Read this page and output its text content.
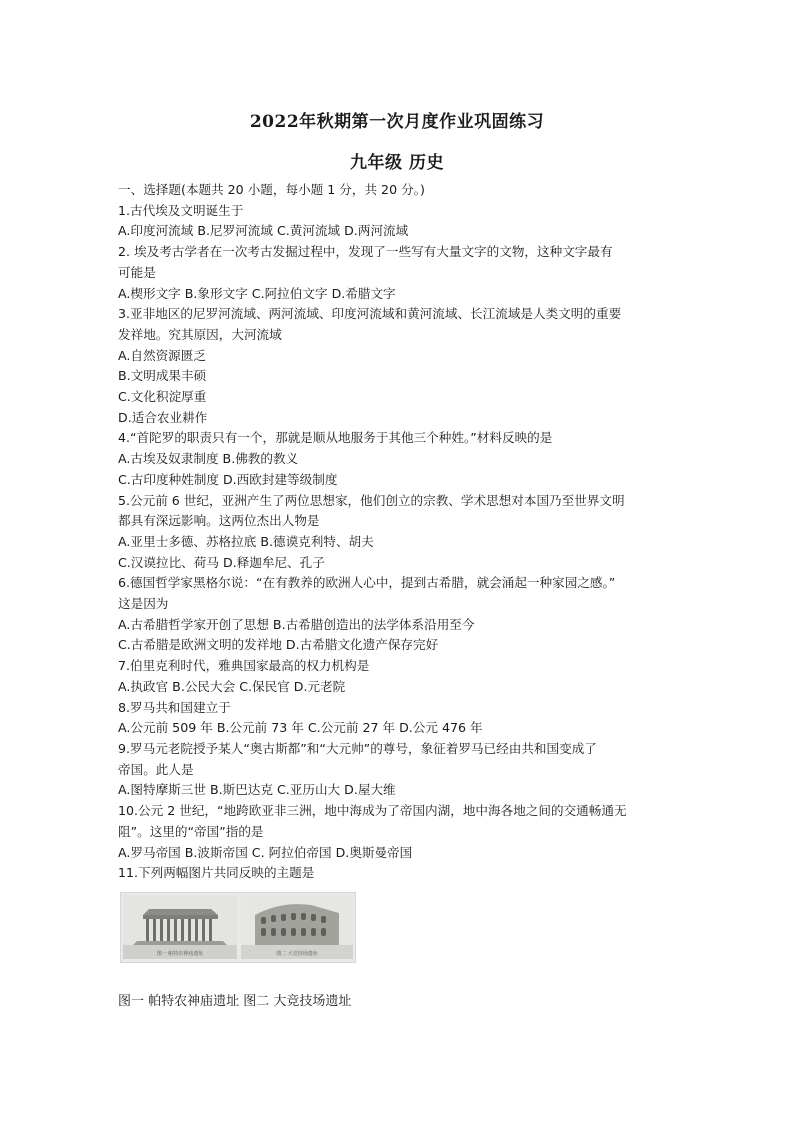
2022年秋期第一次月度作业巩固练习
九年级 历史

一、选择题(本题共 20 小题，每小题 1 分，共 20 分。)

1.古代埃及文明诞生于

A.印度河流域 B.尼罗河流域 C.黄河流域 D.两河流域

2. 埃及考古学者在一次考古发掘过程中，发现了一些写有大量文字的文物，这种文字最有

可能是

A.楔形文字 B.象形文字 C.阿拉伯文字 D.希腊文字

3.亚非地区的尼罗河流域、两河流域、印度河流域和黄河流域、长江流域是人类文明的重要

发祥地。究其原因，大河流域

A.自然资源匮乏

B.文明成果丰硕

C.文化积淀厚重

D.适合农业耕作

4.“首陀罗的职责只有一个，那就是顺从地服务于其他三个种姓。”材料反映的是

A.古埃及奴隶制度 B.佛教的教义

C.古印度种姓制度 D.西欧封建等级制度

5.公元前 6 世纪，亚洲产生了两位思想家，他们创立的宗教、学术思想对本国乃至世界文明

都具有深远影响。这两位杰出人物是

A.亚里士多德、苏格拉底 B.德谟克利特、胡夫

C.汉谟拉比、荷马 D.释迦牟尼、孔子

6.德国哲学家黑格尔说：“在有教养的欧洲人心中，提到古希腊，就会涌起一种家园之感。”

这是因为

A.古希腊哲学家开创了思想 B.古希腊创造出的法学体系沿用至今

C.古希腊是欧洲文明的发祥地 D.古希腊文化遗产保存完好

7.伯里克利时代，雅典国家最高的权力机构是

A.执政官 B.公民大会 C.保民官 D.元老院

8.罗马共和国建立于

A.公元前 509 年 B.公元前 73 年 C.公元前 27 年 D.公元 476 年

9.罗马元老院授予某人“奥古斯都”和“大元帅”的尊号，象征着罗马已经由共和国变成了

帝国。此人是

A.图特摩斯三世 B.斯巴达克 C.亚历山大 D.屋大维

10.公元 2 世纪，“地跨欧亚非三洲，地中海成为了帝国内湖，地中海各地之间的交通畅通无

阻”。这里的“帝国”指的是

A.罗马帝国 B.波斯帝国 C. 阿拉伯帝国 D.奥斯曼帝国

11.下列两幅图片共同反映的主题是

图一 帕特农神庙遗址	图二 大竞技场遗址
图一 帕特农神庙遗址 图二 大竞技场遗址
